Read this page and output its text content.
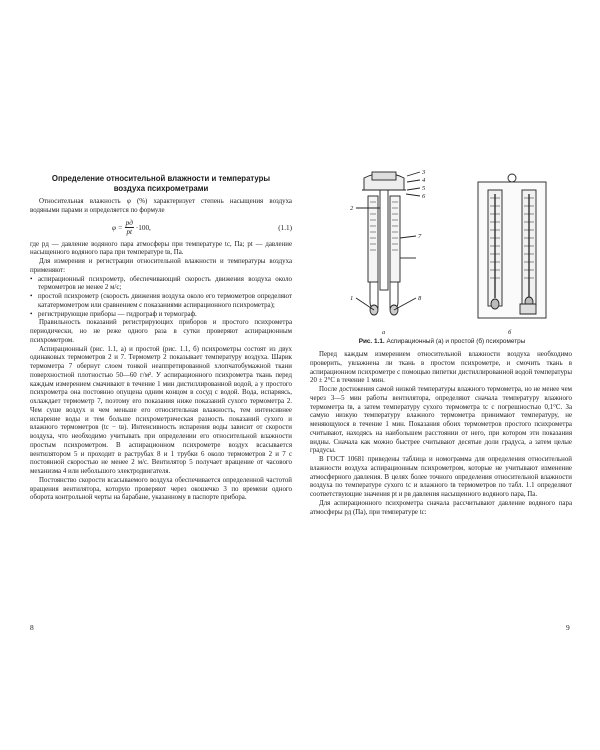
Определение относительной влажности и температуры
воздуха психрометрами

Относительная влажность φ (%) характеризует степень насыщения воздуха водяными парами и определяется по формуле

$\varphi = \frac{pд}{pt} \cdot 100$,	(1.1)

где pд — давление водяного пара атмосферы при температуре tс, Па; pt — давление насыщенного водяного пара при температуре tв, Па.

Для измерения и регистрации относительной влажности и температуры воздуха применяют:

• аспирационный психрометр, обеспечивающий скорость движения воздуха около термометров не менее 2 м/с;
• простой психрометр (скорость движения воздуха около его термометров определяют кататермометром или сравнением с показаниями аспирационного психрометра);
• регистрирующие приборы — гидрограф и термограф.

Правильность показаний регистрирующих приборов и простого психрометра периодически, но не реже одного раза в сутки проверяют аспирационным психрометром.

Аспирационный (рис. 1.1, а) и простой (рис. 1.1, б) психрометры состоят из двух одинаковых термометров 2 и 7. Термометр 2 показывает температуру воздуха. Шарик термометра 7 обернут слоем тонкой неаппретированной хлопчатобумажной ткани поверхностной плотностью 50—60 г/м². У аспирационного психрометра ткань перед каждым измерением смачивают в течение 1 мин дистиллированной водой, а у простого психрометра она постоянно опущена одним концом в сосуд с водой. Вода, испаряясь, охлаждает термометр 7, поэтому его показания ниже показаний сухого термометра 2. Чем суше воздух и чем меньше его относительная влажность, тем интенсивнее испарение воды и тем больше психрометрическая разность показаний сухого и влажного термометров (tс − tв). Интенсивность испарения воды зависит от скорости воздуха, что необходимо учитывать при определении его относительной влажности простым психрометром. В аспирационном психрометре воздух всасывается вентилятором 5 и проходит в раструбах 8 и 1 трубки 6 около термометров 2 и 7 с постоянной скоростью не менее 2 м/с. Вентилятор 5 получает вращение от часового механизма 4 или небольшого электродвигателя.

Постоянство скорости всасываемого воздуха обеспечивается определенной частотой вращения вентилятора, которую проверяют через окошечко 3 по времени одного оборота контрольной черты на барабане, указанному в паспорте прибора.

8
3
4
5
6
2
7
1	8
а	б
Рис. 1.1. Аспирационный (а) и простой (б) психрометры

Перед каждым измерением относительной влажности воздуха необходимо проверить, увлажнена ли ткань в простом психрометре, и смочить ткань в аспирационном психрометре с помощью пипетки дистиллированной водой температуры 20 ± 2°С в течение 1 мин.

После достижения самой низкой температуры влажного термометра, но не менее чем через 3—5 мин работы вентилятора, определяют сначала температуру влажного термометра tв, а затем температуру сухого термометра tс с погрешностью 0,1°С. За самую низкую температуру влажного термометра принимают температуру, не меняющуюся в течение 1 мин. Показания обоих термометров простого психрометра считывают, находясь на наибольшем расстоянии от него, при котором эти показания видны. Сначала как можно быстрее считывают десятые доли градуса, а затем целые градусы.

В ГОСТ 10681 приведены таблица и номограмма для определения относительной влажности воздуха аспирационным психрометром, которые не учитывают изменение атмосферного давления. В целях более точного определения относительной влажности воздуха по температуре сухого tс и влажного tв термометров по табл. 1.1 определяют соответствующие значения pt и pв давления насыщенного водяного пара, Па.

Для аспирационного психрометра сначала рассчитывают давление водяного пара атмосферы pд (Па), при температуре tс:

9
